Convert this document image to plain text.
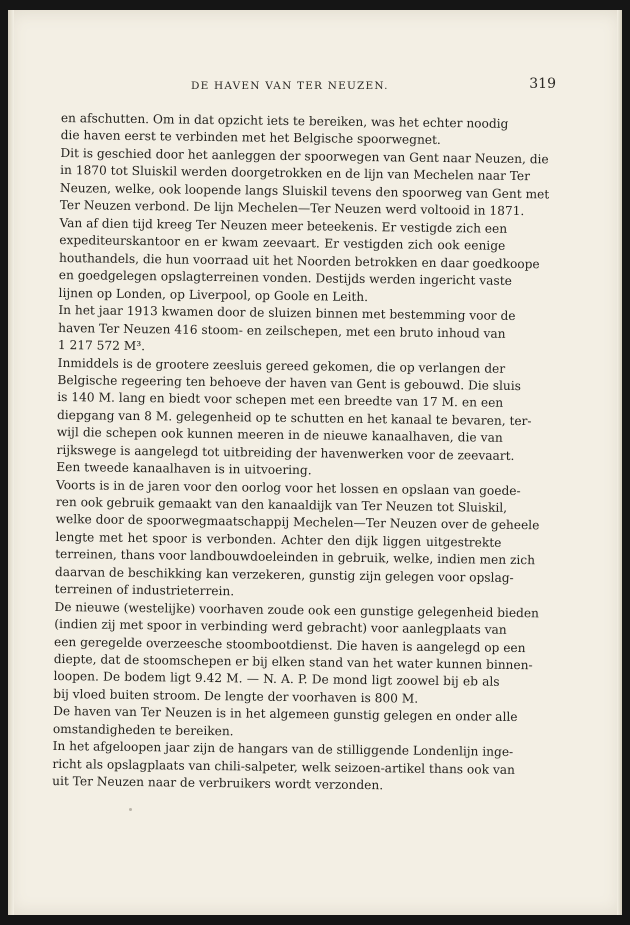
DE HAVEN VAN TER NEUZEN.	319
en afschutten. Om in dat opzicht iets te bereiken, was het echter noodig
die haven eerst te verbinden met het Belgische spoorwegnet.
Dit is geschied door het aanleggen der spoorwegen van Gent naar Neuzen, die
in 1870 tot Sluiskil werden doorgetrokken en de lijn van Mechelen naar Ter
Neuzen, welke, ook loopende langs Sluiskil tevens den spoorweg van Gent met
Ter Neuzen verbond. De lijn Mechelen—Ter Neuzen werd voltooid in 1871.
Van af dien tijd kreeg Ter Neuzen meer beteekenis. Er vestigde zich een
expediteurskantoor en er kwam zeevaart. Er vestigden zich ook eenige
houthandels, die hun voorraad uit het Noorden betrokken en daar goedkoope
en goedgelegen opslagterreinen vonden. Destijds werden ingericht vaste
lijnen op Londen, op Liverpool, op Goole en Leith.
In het jaar 1913 kwamen door de sluizen binnen met bestemming voor de
haven Ter Neuzen 416 stoom- en zeilschepen, met een bruto inhoud van
1 217 572 M³.
Inmiddels is de grootere zeesluis gereed gekomen, die op verlangen der
Belgische regeering ten behoeve der haven van Gent is gebouwd. Die sluis
is 140 M. lang en biedt voor schepen met een breedte van 17 M. en een
diepgang van 8 M. gelegenheid op te schutten en het kanaal te bevaren, ter-
wijl die schepen ook kunnen meeren in de nieuwe kanaalhaven, die van
rijkswege is aangelegd tot uitbreiding der havenwerken voor de zeevaart.
Een tweede kanaalhaven is in uitvoering.
Voorts is in de jaren voor den oorlog voor het lossen en opslaan van goede-
ren ook gebruik gemaakt van den kanaaldijk van Ter Neuzen tot Sluiskil,
welke door de spoorwegmaatschappij Mechelen—Ter Neuzen over de geheele
lengte met het spoor is verbonden. Achter den dijk liggen uitgestrekte
terreinen, thans voor landbouwdoeleinden in gebruik, welke, indien men zich
daarvan de beschikking kan verzekeren, gunstig zijn gelegen voor opslag-
terreinen of industrieterrein.
De nieuwe (westelijke) voorhaven zoude ook een gunstige gelegenheid bieden
(indien zij met spoor in verbinding werd gebracht) voor aanlegplaats van
een geregelde overzeesche stoombootdienst. Die haven is aangelegd op een
diepte, dat de stoomschepen er bij elken stand van het water kunnen binnen-
loopen. De bodem ligt 9.42 M. — N. A. P. De mond ligt zoowel bij eb als
bij vloed buiten stroom. De lengte der voorhaven is 800 M.
De haven van Ter Neuzen is in het algemeen gunstig gelegen en onder alle
omstandigheden te bereiken.
In het afgeloopen jaar zijn de hangars van de stilliggende Londenlijn inge-
richt als opslagplaats van chili-salpeter, welk seizoen-artikel thans ook van
uit Ter Neuzen naar de verbruikers wordt verzonden.
